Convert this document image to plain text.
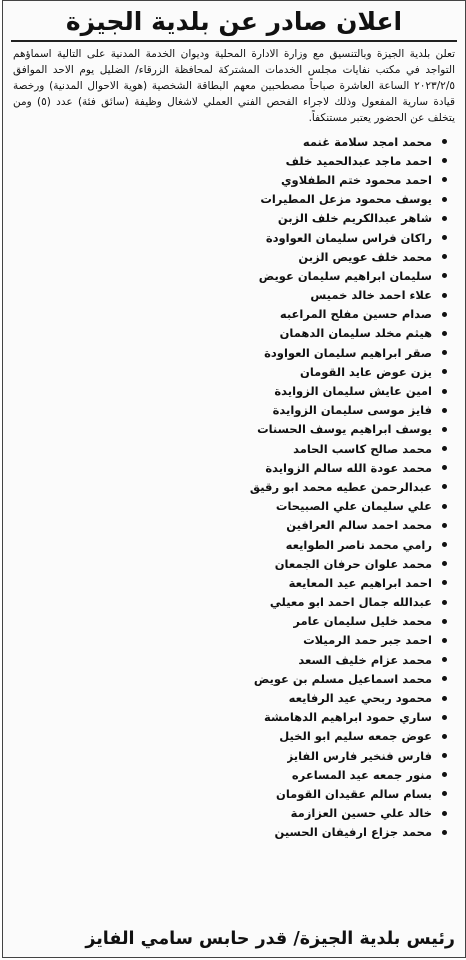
اعلان صادر عن بلدية الجيزة
تعلن بلدية الجيزة وبالتنسيق مع وزارة الادارة المحلية وديوان الخدمة المدنية على التالية اسماؤهم التواجد في مكتب نفايات مجلس الخدمات المشتركة لمحافظة الزرقاء/ الضليل يوم الاحد الموافق ٢٠٢٣/٢/٥ الساعة العاشرة صباحاً مصطحبين معهم البطاقة الشخصية (هوية الاحوال المدنية) ورخصة قيادة سارية المفعول وذلك لاجراء الفحص الفني العملي لاشغال وظيفة (سائق فئة) عدد (٥) ومن يتخلف عن الحضور يعتبر مستنكفاً.
محمد امجد سلامة غنمه
احمد ماجد عبدالحميد خلف
احمد محمود ختم الطفلاوي
يوسف محمود مزعل المطيرات
شاهر عبدالكريم خلف الزبن
راكان فراس سليمان العواودة
محمد خلف عويص الزبن
سليمان ابراهيم سليمان عويض
علاء احمد خالد خميس
صدام حسين مفلح المراعبه
هيثم مخلد سليمان الدهمان
صقر ابراهيم سليمان العواودة
يزن عوض عايد القومان
امين عايش سليمان الزوايدة
فايز موسى سليمان الزوايدة
يوسف ابراهيم يوسف الحسنات
محمد صالح كاسب الحامد
محمد عودة الله سالم الزوايدة
عبدالرحمن عطيه محمد ابو رقيق
علي سليمان علي الصبيحات
محمد احمد سالم العرافين
رامي محمد ناصر الطوايعه
محمد علوان حرفان الجمعان
احمد ابراهيم عيد المعايعة
عبدالله جمال احمد ابو معيلي
محمد خليل سليمان عامر
احمد جبر حمد الرميلات
محمد عزام خليف السعد
محمد اسماعيل مسلم بن عويض
محمود ربحي عيد الرفايعه
ساري حمود ابراهيم الدهامشة
عوض جمعه سليم ابو الخيل
فارس فنخير فارس الفايز
منور جمعه عيد المساعره
بسام سالم عقيدان القومان
خالد علي حسين العزازمة
محمد جزاع ارفيفان الحسين
رئيس بلدية الجيزة/ قدر حابس سامي الفايز
